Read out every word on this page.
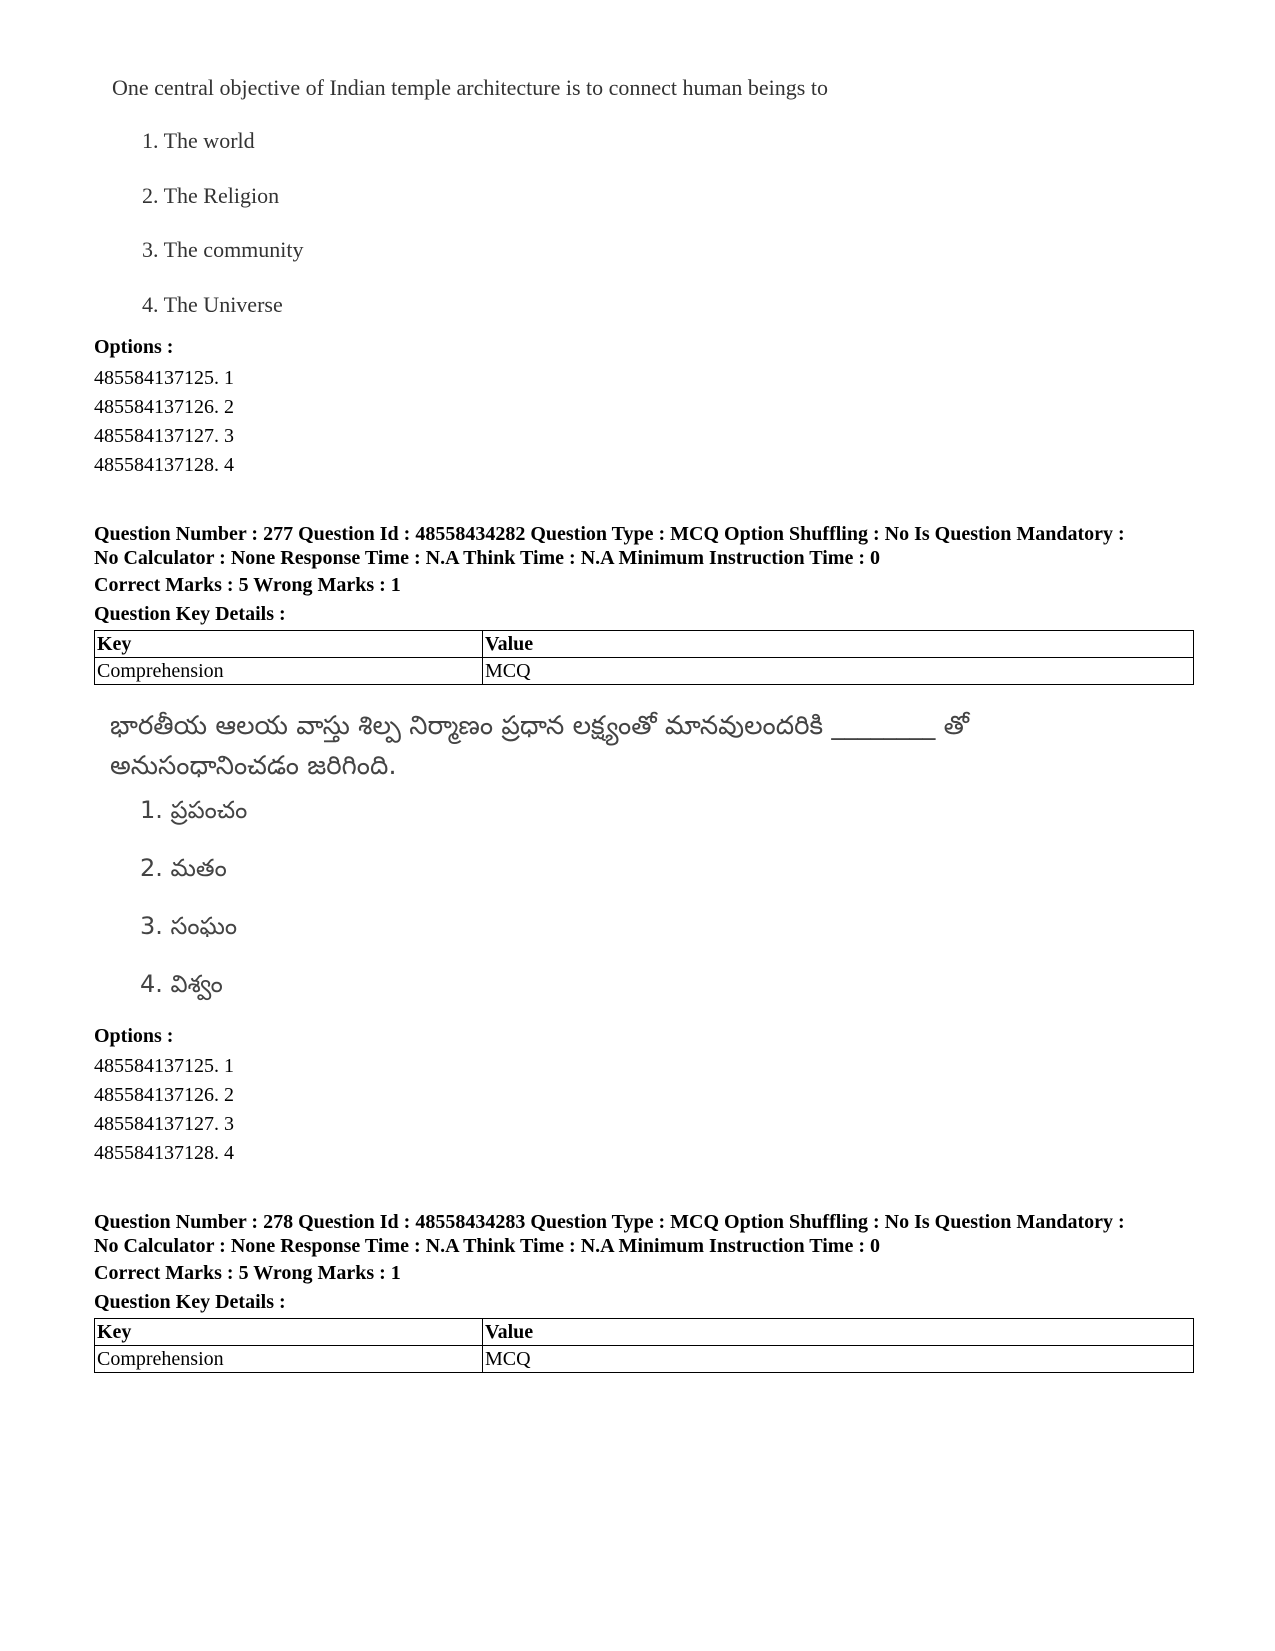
One central objective of Indian temple architecture is to connect human beings to
1. The world
2. The Religion
3. The community
4. The Universe
Options :
485584137125. 1
485584137126. 2
485584137127. 3
485584137128. 4
Question Number : 277 Question Id : 48558434282 Question Type : MCQ Option Shuffling : No Is Question Mandatory :
No Calculator : None Response Time : N.A Think Time : N.A Minimum Instruction Time : 0
Correct Marks : 5 Wrong Marks : 1
Question Key Details :
Key	Value
Comprehension	MCQ
భారతీయ ఆలయ వాస్తు శిల్ప నిర్మాణం ప్రధాన లక్ష్యంతో మానవులందరికి ________ తో
అనుసంధానించడం జరిగింది.
1. ప్రపంచం
2. మతం
3. సంఘం
4. విశ్వం
Options :
485584137125. 1
485584137126. 2
485584137127. 3
485584137128. 4
Question Number : 278 Question Id : 48558434283 Question Type : MCQ Option Shuffling : No Is Question Mandatory :
No Calculator : None Response Time : N.A Think Time : N.A Minimum Instruction Time : 0
Correct Marks : 5 Wrong Marks : 1
Question Key Details :
Key	Value
Comprehension	MCQ
